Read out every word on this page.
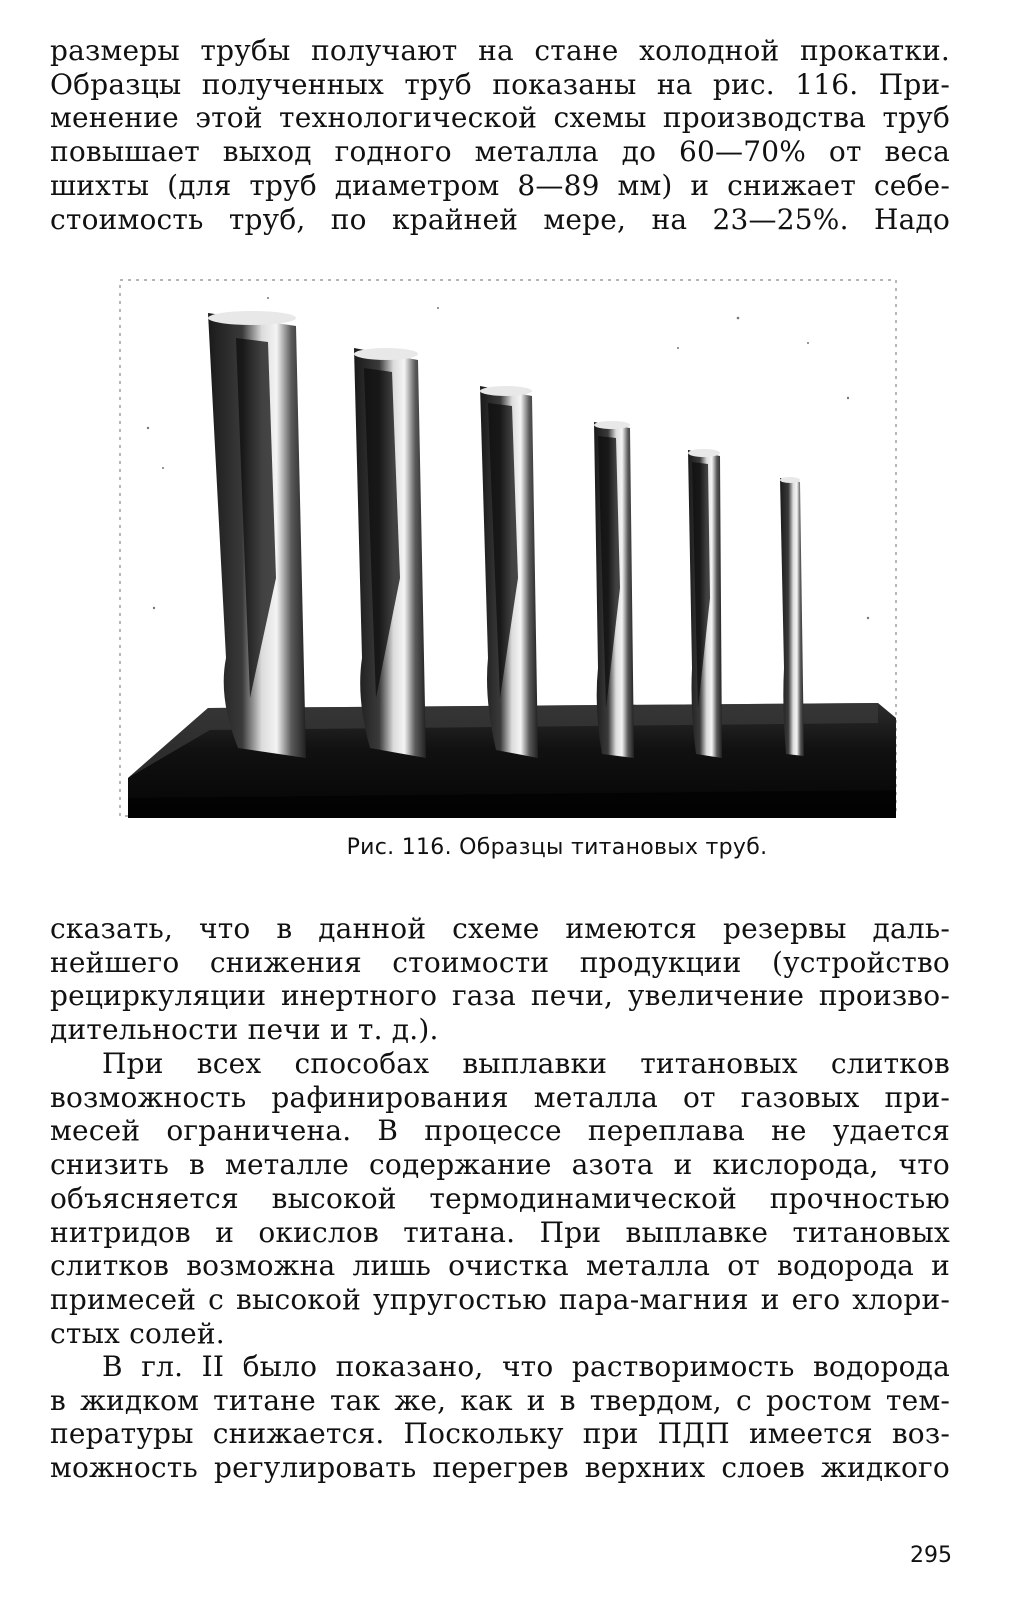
размеры трубы получают на стане холодной прокатки.
Образцы полученных труб показаны на рис. 116. При-
менение этой технологической схемы производства труб
повышает выход годного металла до 60—70% от веса
шихты (для труб диаметром 8—89 мм) и снижает себе-
стоимость труб, по крайней мере, на 23—25%. Надо
Рис. 116. Образцы титановых труб.
сказать, что в данной схеме имеются резервы даль-
нейшего снижения стоимости продукции (устройство
рециркуляции инертного газа печи, увеличение произво-
дительности печи и т. д.).
При всех способах выплавки титановых слитков
возможность рафинирования металла от газовых при-
месей ограничена. В процессе переплава не удается
снизить в металле содержание азота и кислорода, что
объясняется высокой термодинамической прочностью
нитридов и окислов титана. При выплавке титановых
слитков возможна лишь очистка металла от водорода и
примесей с высокой упругостью пара-магния и его хлори-
стых солей.
В гл. II было показано, что растворимость водорода
в жидком титане так же, как и в твердом, с ростом тем-
пературы снижается. Поскольку при ПДП имеется воз-
можность регулировать перегрев верхних слоев жидкого
295
